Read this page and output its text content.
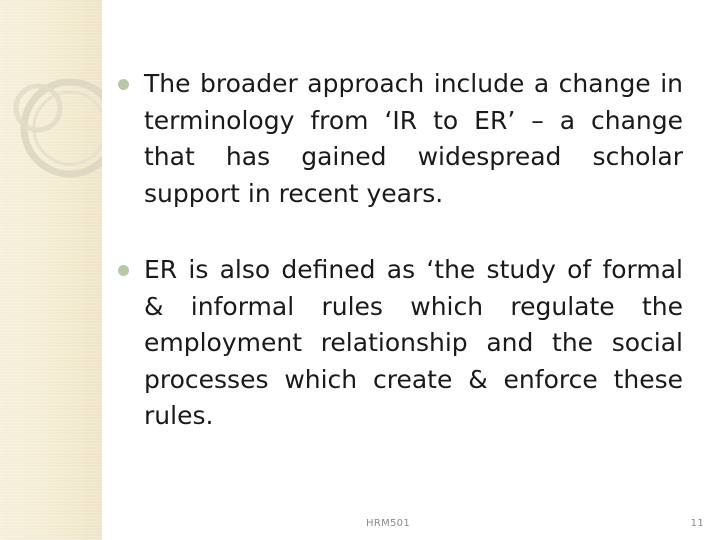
The broader approach include a change in terminology from ‘IR to ER’ – a change that has gained widespread scholar support in recent years.
ER is also defined as ‘the study of formal & informal rules which regulate the employment relationship and the social processes which create & enforce these rules.
HRM501	11
